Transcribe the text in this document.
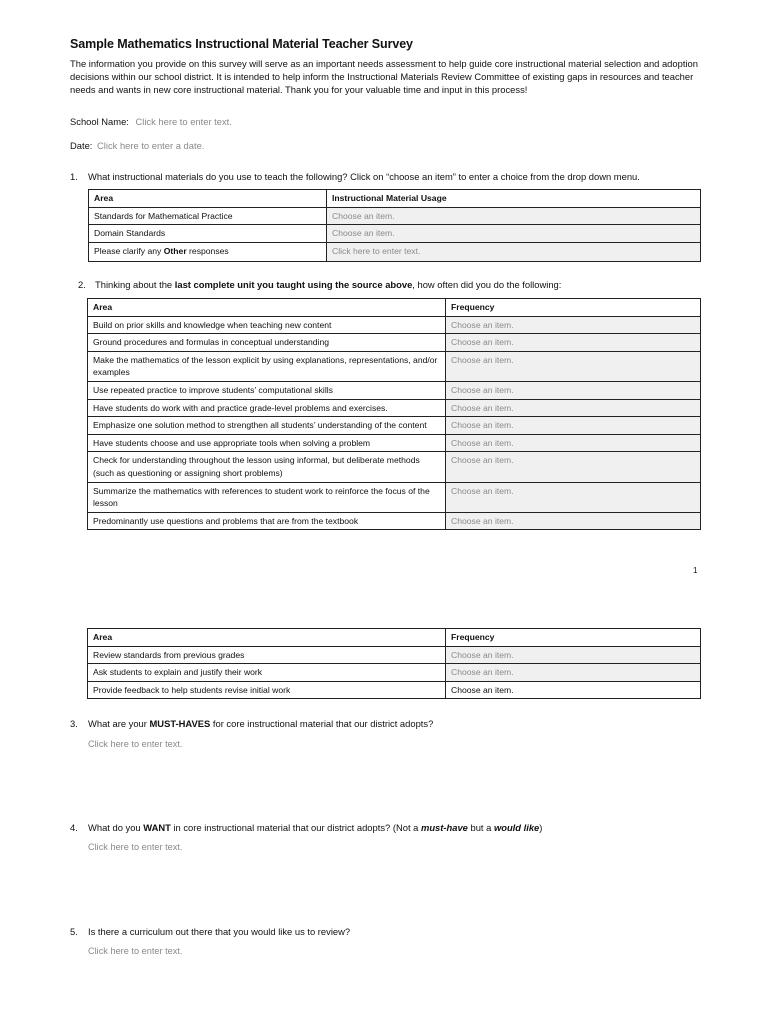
Sample Mathematics Instructional Material Teacher Survey
The information you provide on this survey will serve as an important needs assessment to help guide core instructional material selection and adoption decisions within our school district. It is intended to help inform the Instructional Materials Review Committee of existing gaps in resources and teacher needs and wants in new core instructional material. Thank you for your valuable time and input in this process!
School Name: Click here to enter text.
Date: Click here to enter a date.
1. What instructional materials do you use to teach the following? Click on “choose an item” to enter a choice from the drop down menu.
Area	Instructional Material Usage
Standards for Mathematical Practice	Choose an item.
Domain Standards	Choose an item.
Please clarify any Other responses	Click here to enter text.
2. Thinking about the last complete unit you taught using the source above, how often did you do the following:
Area	Frequency
Build on prior skills and knowledge when teaching new content	Choose an item.
Ground procedures and formulas in conceptual understanding	Choose an item.
Make the mathematics of the lesson explicit by using explanations, representations, and/or examples	Choose an item.
Use repeated practice to improve students’ computational skills	Choose an item.
Have students do work with and practice grade-level problems and exercises.	Choose an item.
Emphasize one solution method to strengthen all students’ understanding of the content	Choose an item.
Have students choose and use appropriate tools when solving a problem	Choose an item.
Check for understanding throughout the lesson using informal, but deliberate methods (such as questioning or assigning short problems)	Choose an item.
Summarize the mathematics with references to student work to reinforce the focus of the lesson	Choose an item.
Predominantly use questions and problems that are from the textbook	Choose an item.
1
Area	Frequency
Review standards from previous grades	Choose an item.
Ask students to explain and justify their work	Choose an item.
Provide feedback to help students revise initial work	Choose an item.
3. What are your MUST-HAVES for core instructional material that our district adopts?
Click here to enter text.
4. What do you WANT in core instructional material that our district adopts? (Not a must-have but a would like)
Click here to enter text.
5. Is there a curriculum out there that you would like us to review?
Click here to enter text.
